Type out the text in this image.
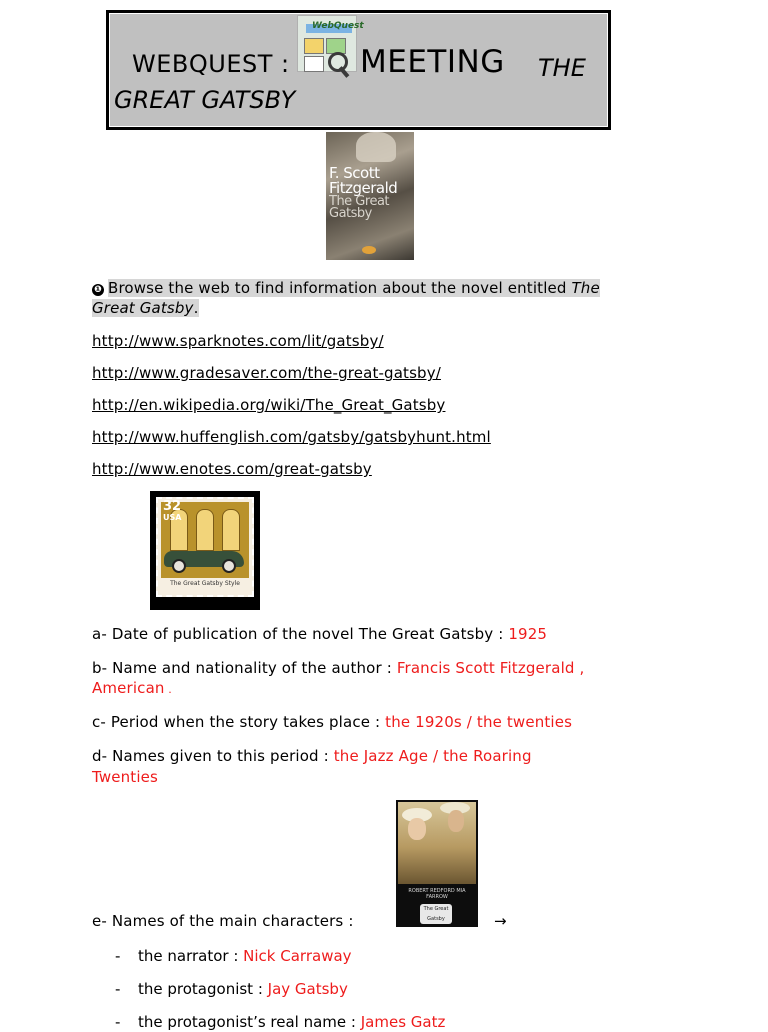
WEBQUEST : MEETING THE
GREAT GATSBY
WebQuest
F. Scott
Fitzgerald
The Great
Gatsby
❶ Browse the web to find information about the novel entitled The
Great Gatsby.
http://www.sparknotes.com/lit/gatsby/
http://www.gradesaver.com/the-great-gatsby/
http://en.wikipedia.org/wiki/The_Great_Gatsby
http://www.huffenglish.com/gatsby/gatsbyhunt.html
http://www.enotes.com/great-gatsby
32
USA
The Great Gatsby Style
a- Date of publication of the novel The Great Gatsby : 1925
b- Name and nationality of the author : Francis Scott Fitzgerald ,
American .
c- Period when the story takes place : the 1920s / the twenties
d- Names given to this period : the Jazz Age / the Roaring
Twenties
ROBERT REDFORD MIA FARROW
The Great Gatsby
e- Names of the main characters :	→
- the narrator : Nick Carraway
- the protagonist : Jay Gatsby
- the protagonist’s real name : James Gatz
